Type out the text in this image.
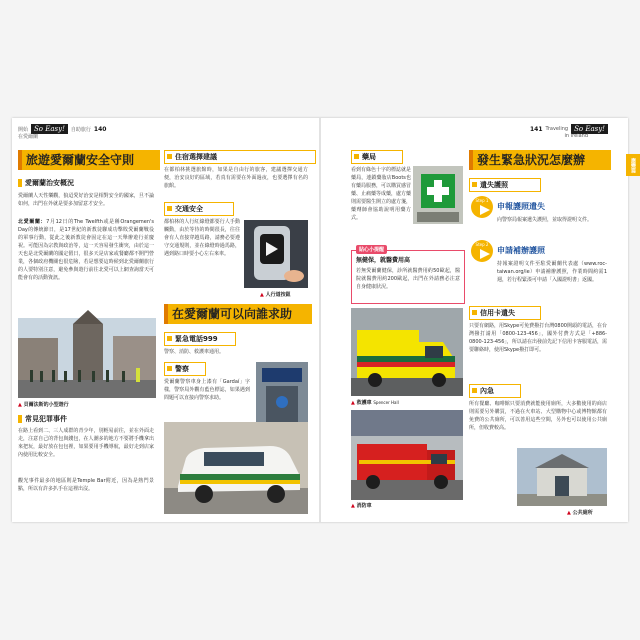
開始 So Easy!	自助旅行 140
在愛爾蘭
旅遊愛爾蘭安全守則
愛爾蘭治安概況
愛爾蘭人天性樂觀，狼迢愛好治安是相對安全的國家，旦不論如何，出門在外就是要多加留意才安全。
北愛爾蘭：7月12日的The Twelfth或是稱Orangemen's Day的傳統節日，是17世紀的新教徒聯成功擊敗愛爾蘭戰役的軍事行動，從此之後新教徒會固定在這一天舉辦遊行並慶祝。可能因為宗教與政治等，這一天容易發生衝突，由於這一天也是北愛爾蘭的國定假日，很多天是店家或餐廳都不開門營業，各個政府機關也很危險，若是想要這時候到北愛爾蘭旅行的人要特別注意，避免參與遊行前往北愛可以上網查詢當天可能會有的活動資訊。
▲ 貝爾法斯的小型遊行
常見犯罪事件
在路上看到二、三人成群的青少年，別輕易前往，並在外面走走，注意自己的背包與錢包，在人潮多的地方不要將手機拿出來把玩，最好放在包包裡，如果要用手機導航，最好走到店家內使用比較安全。
觀光事件最多的地區則是Temple Bar附近，因為是熱門景點，所以有許多扒手在這裡出沒。
住宿選擇建議
在都柏林挑選旅館時，如果是自由行的旅客，建議選擇交通方便，治安良好的區域，若真有需要在外面過夜，也要選擇有名的旅館。
交通安全
都柏林的人行紅綠燈都要行人手動觸動，由於等待的時間很長，往往會有人直接穿越馬路，請務必要遵守交通規則，並在綠燈時過馬路，遇到路口時要小心左右來車。
▲ 人行道按鈕
在愛爾蘭可以向誰求助
緊急電話999
警察、消防、救護車通用。
警察
愛爾蘭警察車身上漆有「Gardaí」字樣，警察局外觀有藍色標誌，如果遇到問題可以直接向警察求助。
141 Traveling So Easy!
in Ireland
應變篇
藥局
看到有綠色十字的標誌就是藥局，連鎖藥妝店Boots也有藥局服務，可以購買感冒藥、止痛藥等成藥，處方藥則需要醫生開立的處方箋，藥劑師會協助說明用藥方式。
貼心小提醒
無健保，就醫費用高
若無愛爾蘭健保，診所就醫費用約50歐起，醫院就醫費用約200歐起，出門在外請務必注意自身健康狀況。
▲ 救護車 Spencer Hall
▲ 消防車
發生緊急狀況怎麼辦
遺失護照
Step 1
申報護照遺失
向警察局報案遺失護照，並取得證明文件。
Step 2
申請補辦護照
持報案證明文件至駐愛爾蘭代表處（www.roc-taiwan.org/ie）申請補辦護照，作業時間約需1週，若行程緊湊可申請「入國證明書」返國。
信用卡遺失
只要有網路，用Skype可免費撥打台灣0800開頭的電話，在台灣撥打請用「0800-123-456」，國外付費方式是「+886-0800-123-456」，所以請在出發前先記下信用卡客服電話，需要聯絡時，使用Skype撥打即可。
內急
所有餐廳、咖啡館只要消費就能使用廁所，大多數使用的商店則需要另外購買，不過在火車站、大型購物中心或博物館都有免費的公共廁所，可以善用這些空間，另外也可以使用公共廁所，但收費較高。
▲ 公共廁所
